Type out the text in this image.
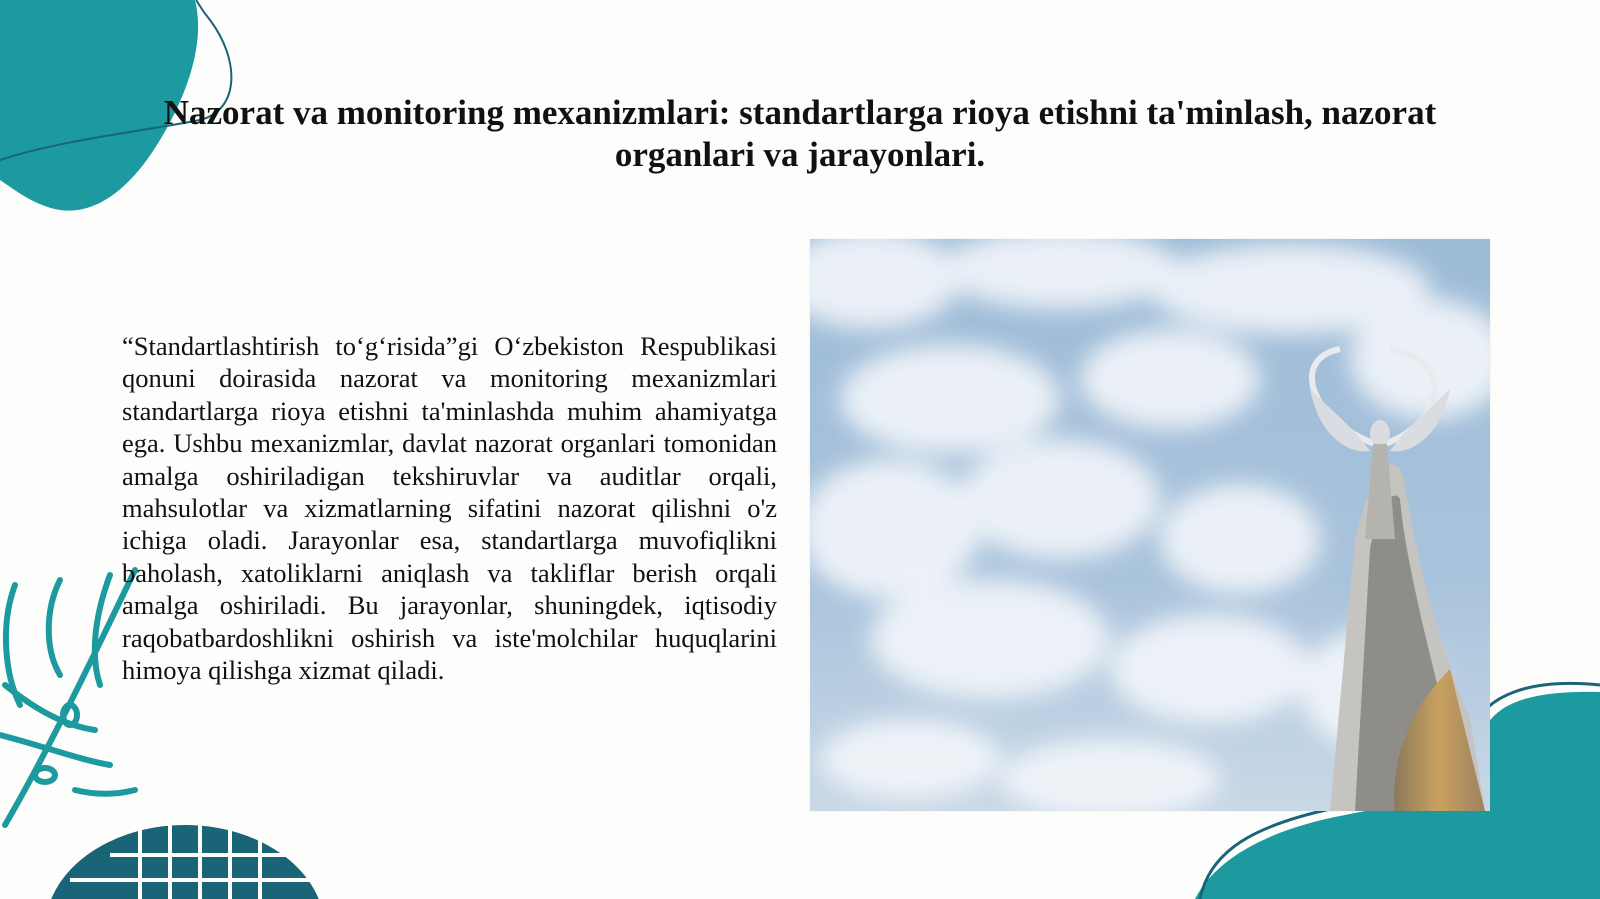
Nazorat va monitoring mexanizmlari: standartlarga rioya etishni ta'minlash, nazorat organlari va jarayonlari.

“Standartlashtirish to‘g‘risida”gi O‘zbekiston Respublikasi qonuni doirasida nazorat va monitoring mexanizmlari standartlarga rioya etishni ta'minlashda muhim ahamiyatga ega. Ushbu mexanizmlar, davlat nazorat organlari tomonidan amalga oshiriladigan tekshiruvlar va auditlar orqali, mahsulotlar va xizmatlarning sifatini nazorat qilishni o'z ichiga oladi. Jarayonlar esa, standartlarga muvofiqlikni baholash, xatoliklarni aniqlash va takliflar berish orqali amalga oshiriladi. Bu jarayonlar, shuningdek, iqtisodiy raqobatbardoshlikni oshirish va iste'molchilar huquqlarini himoya qilishga xizmat qiladi.
